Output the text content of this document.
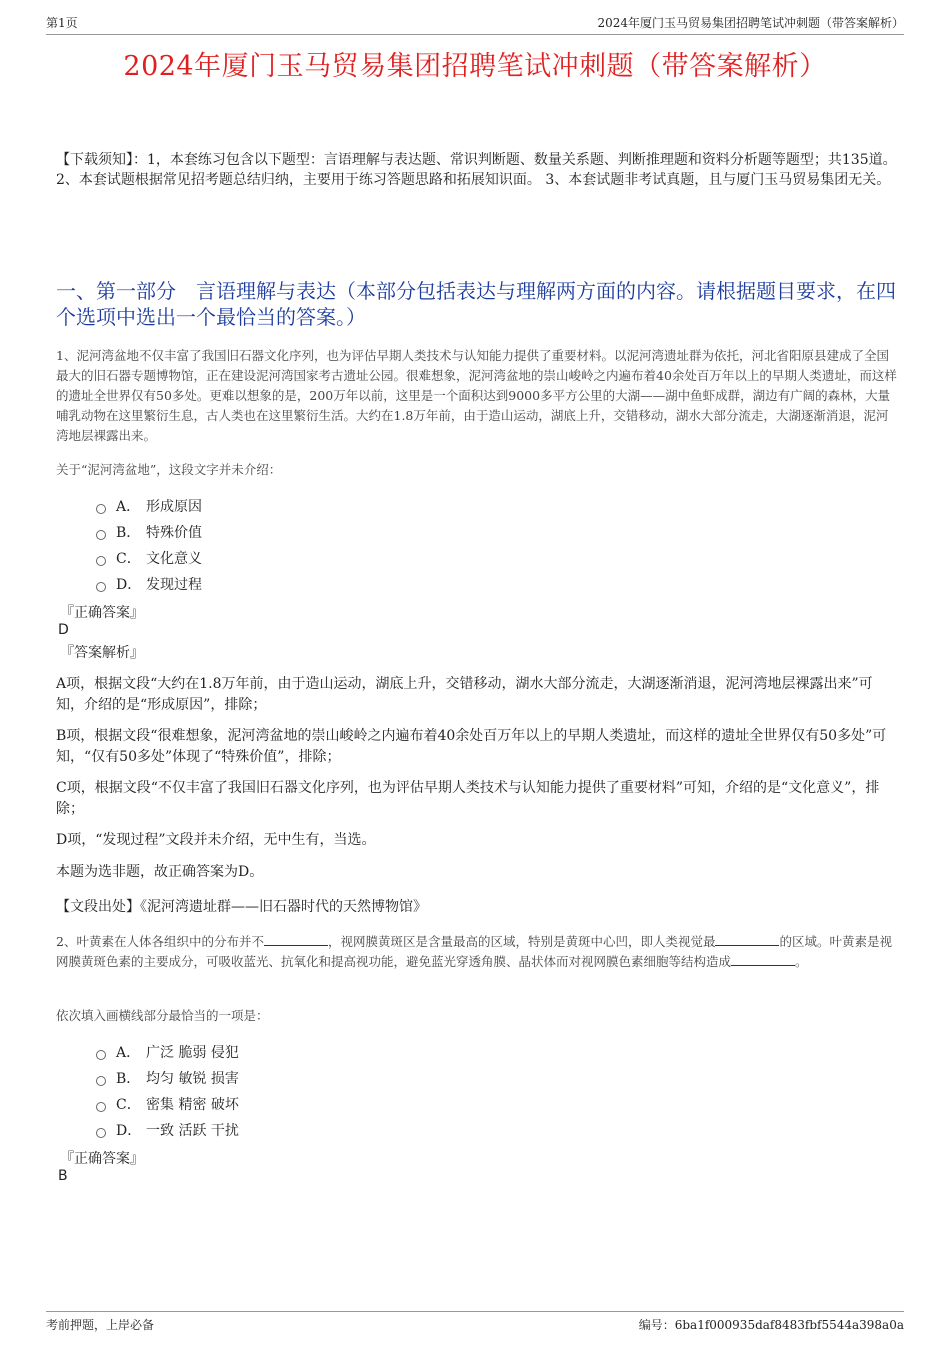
第1页	2024年厦门玉马贸易集团招聘笔试冲刺题（带答案解析）
2024年厦门玉马贸易集团招聘笔试冲刺题（带答案解析）
【下载须知】：1，本套练习包含以下题型：言语理解与表达题、常识判断题、数量关系题、判断推理题和资料分析题等题型；共135道。 2、本套试题根据常见招考题总结归纳，主要用于练习答题思路和拓展知识面。 3、本套试题非考试真题，且与厦门玉马贸易集团无关。
一、第一部分　言语理解与表达（本部分包括表达与理解两方面的内容。请根据题目要求，在四个选项中选出一个最恰当的答案。）
1、泥河湾盆地不仅丰富了我国旧石器文化序列，也为评估早期人类技术与认知能力提供了重要材料。以泥河湾遗址群为依托，河北省阳原县建成了全国最大的旧石器专题博物馆，正在建设泥河湾国家考古遗址公园。很难想象，泥河湾盆地的崇山峻岭之内遍布着40余处百万年以上的早期人类遗址，而这样的遗址全世界仅有50多处。更难以想象的是，200万年以前，这里是一个面积达到9000多平方公里的大湖——湖中鱼虾成群，湖边有广阔的森林，大量哺乳动物在这里繁衍生息，古人类也在这里繁衍生活。大约在1.8万年前，由于造山运动，湖底上升，交错移动，湖水大部分流走，大湖逐渐消退，泥河湾地层裸露出来。
关于“泥河湾盆地”，这段文字并未介绍：
A． 形成原因
B． 特殊价值
C． 文化意义
D． 发现过程
『正确答案』
D
『答案解析』
A项，根据文段“大约在1.8万年前，由于造山运动，湖底上升，交错移动，湖水大部分流走，大湖逐渐消退，泥河湾地层裸露出来”可知，介绍的是“形成原因”，排除；
B项，根据文段“很难想象，泥河湾盆地的崇山峻岭之内遍布着40余处百万年以上的早期人类遗址，而这样的遗址全世界仅有50多处”可知，“仅有50多处”体现了“特殊价值”，排除；
C项，根据文段“不仅丰富了我国旧石器文化序列，也为评估早期人类技术与认知能力提供了重要材料”可知，介绍的是“文化意义”，排除；
D项，“发现过程”文段并未介绍，无中生有，当选。
本题为选非题，故正确答案为D。
【文段出处】《泥河湾遗址群——旧石器时代的天然博物馆》
2、叶黄素在人体各组织中的分布并不	，视网膜黄斑区是含量最高的区域，特别是黄斑中心凹，即人类视觉最	的区域。叶黄素是视网膜黄斑色素的主要成分，可吸收蓝光、抗氧化和提高视功能，避免蓝光穿透角膜、晶状体而对视网膜色素细胞等结构造成	。
依次填入画横线部分最恰当的一项是：
A． 广泛 脆弱 侵犯
B． 均匀 敏锐 损害
C． 密集 精密 破坏
D． 一致 活跃 干扰
『正确答案』
B
考前押题，上岸必备	编号：6ba1f000935daf8483fbf5544a398a0a
